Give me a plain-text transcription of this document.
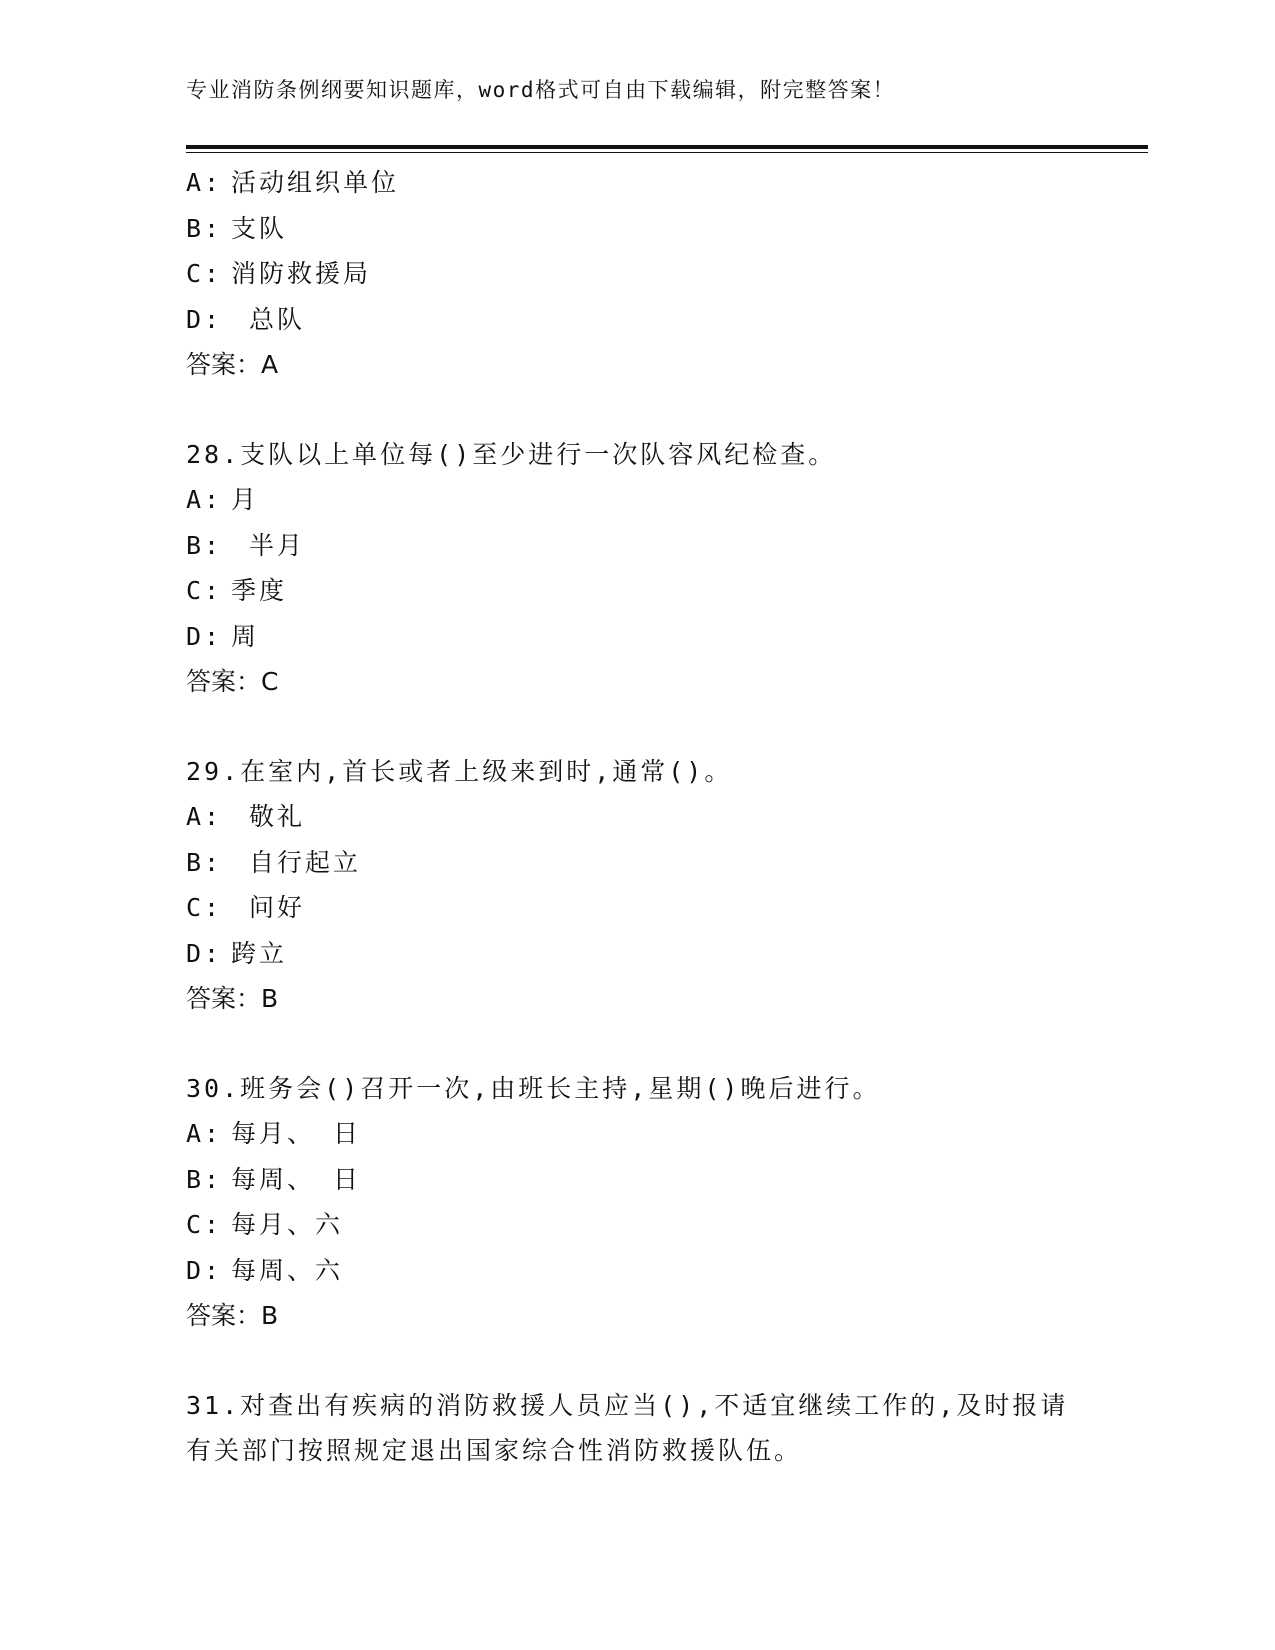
专业消防条例纲要知识题库，word格式可自由下载编辑，附完整答案！
A: 活动组织单位
B: 支队
C: 消防救援局
D: 总队
答案：A
28.支队以上单位每()至少进行一次队容风纪检查。
A: 月
B: 半月
C: 季度
D: 周
答案：C
29.在室内,首长或者上级来到时,通常()。
A: 敬礼
B: 自行起立
C: 问好
D: 跨立
答案：B
30.班务会()召开一次,由班长主持,星期()晚后进行。
A: 每月、 日
B: 每周、 日
C: 每月、六
D: 每周、六
答案：B
31.对查出有疾病的消防救援人员应当(),不适宜继续工作的,及时报请有关部门按照规定退出国家综合性消防救援队伍。
